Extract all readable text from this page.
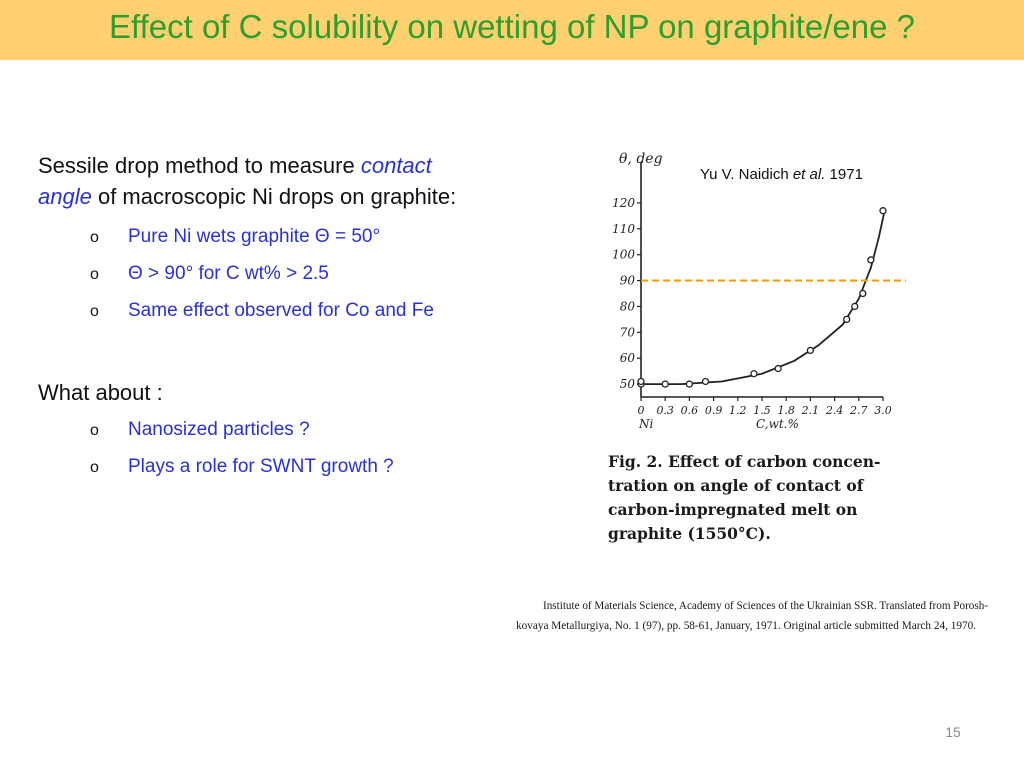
Effect of C solubility on wetting of NP on graphite/ene ?
Sessile drop method to measure contact
angle of macroscopic Ni drops on graphite:
o Pure Ni wets graphite Θ = 50°
o Θ > 90° for C wt% > 2.5
o Same effect observed for Co and Fe
What about :
o Nanosized particles ?
o Plays a role for SWNT growth ?
Yu V. Naidich et al. 1971
50
60
70
80
90
100
110
120
0 0.3 0.6 0.9 1.2 1.5 1.8 2.1 2.4 2.7 3.0
θ, deg
C,wt.%
Ni
Fig. 2. Effect of carbon concen-
tration on angle of contact of
carbon-impregnated melt on
graphite (1550°C).
Institute of Materials Science, Academy of Sciences of the Ukrainian SSR. Translated from Porosh-
kovaya Metallurgiya, No. 1 (97), pp. 58-61, January, 1971. Original article submitted March 24, 1970.
15
